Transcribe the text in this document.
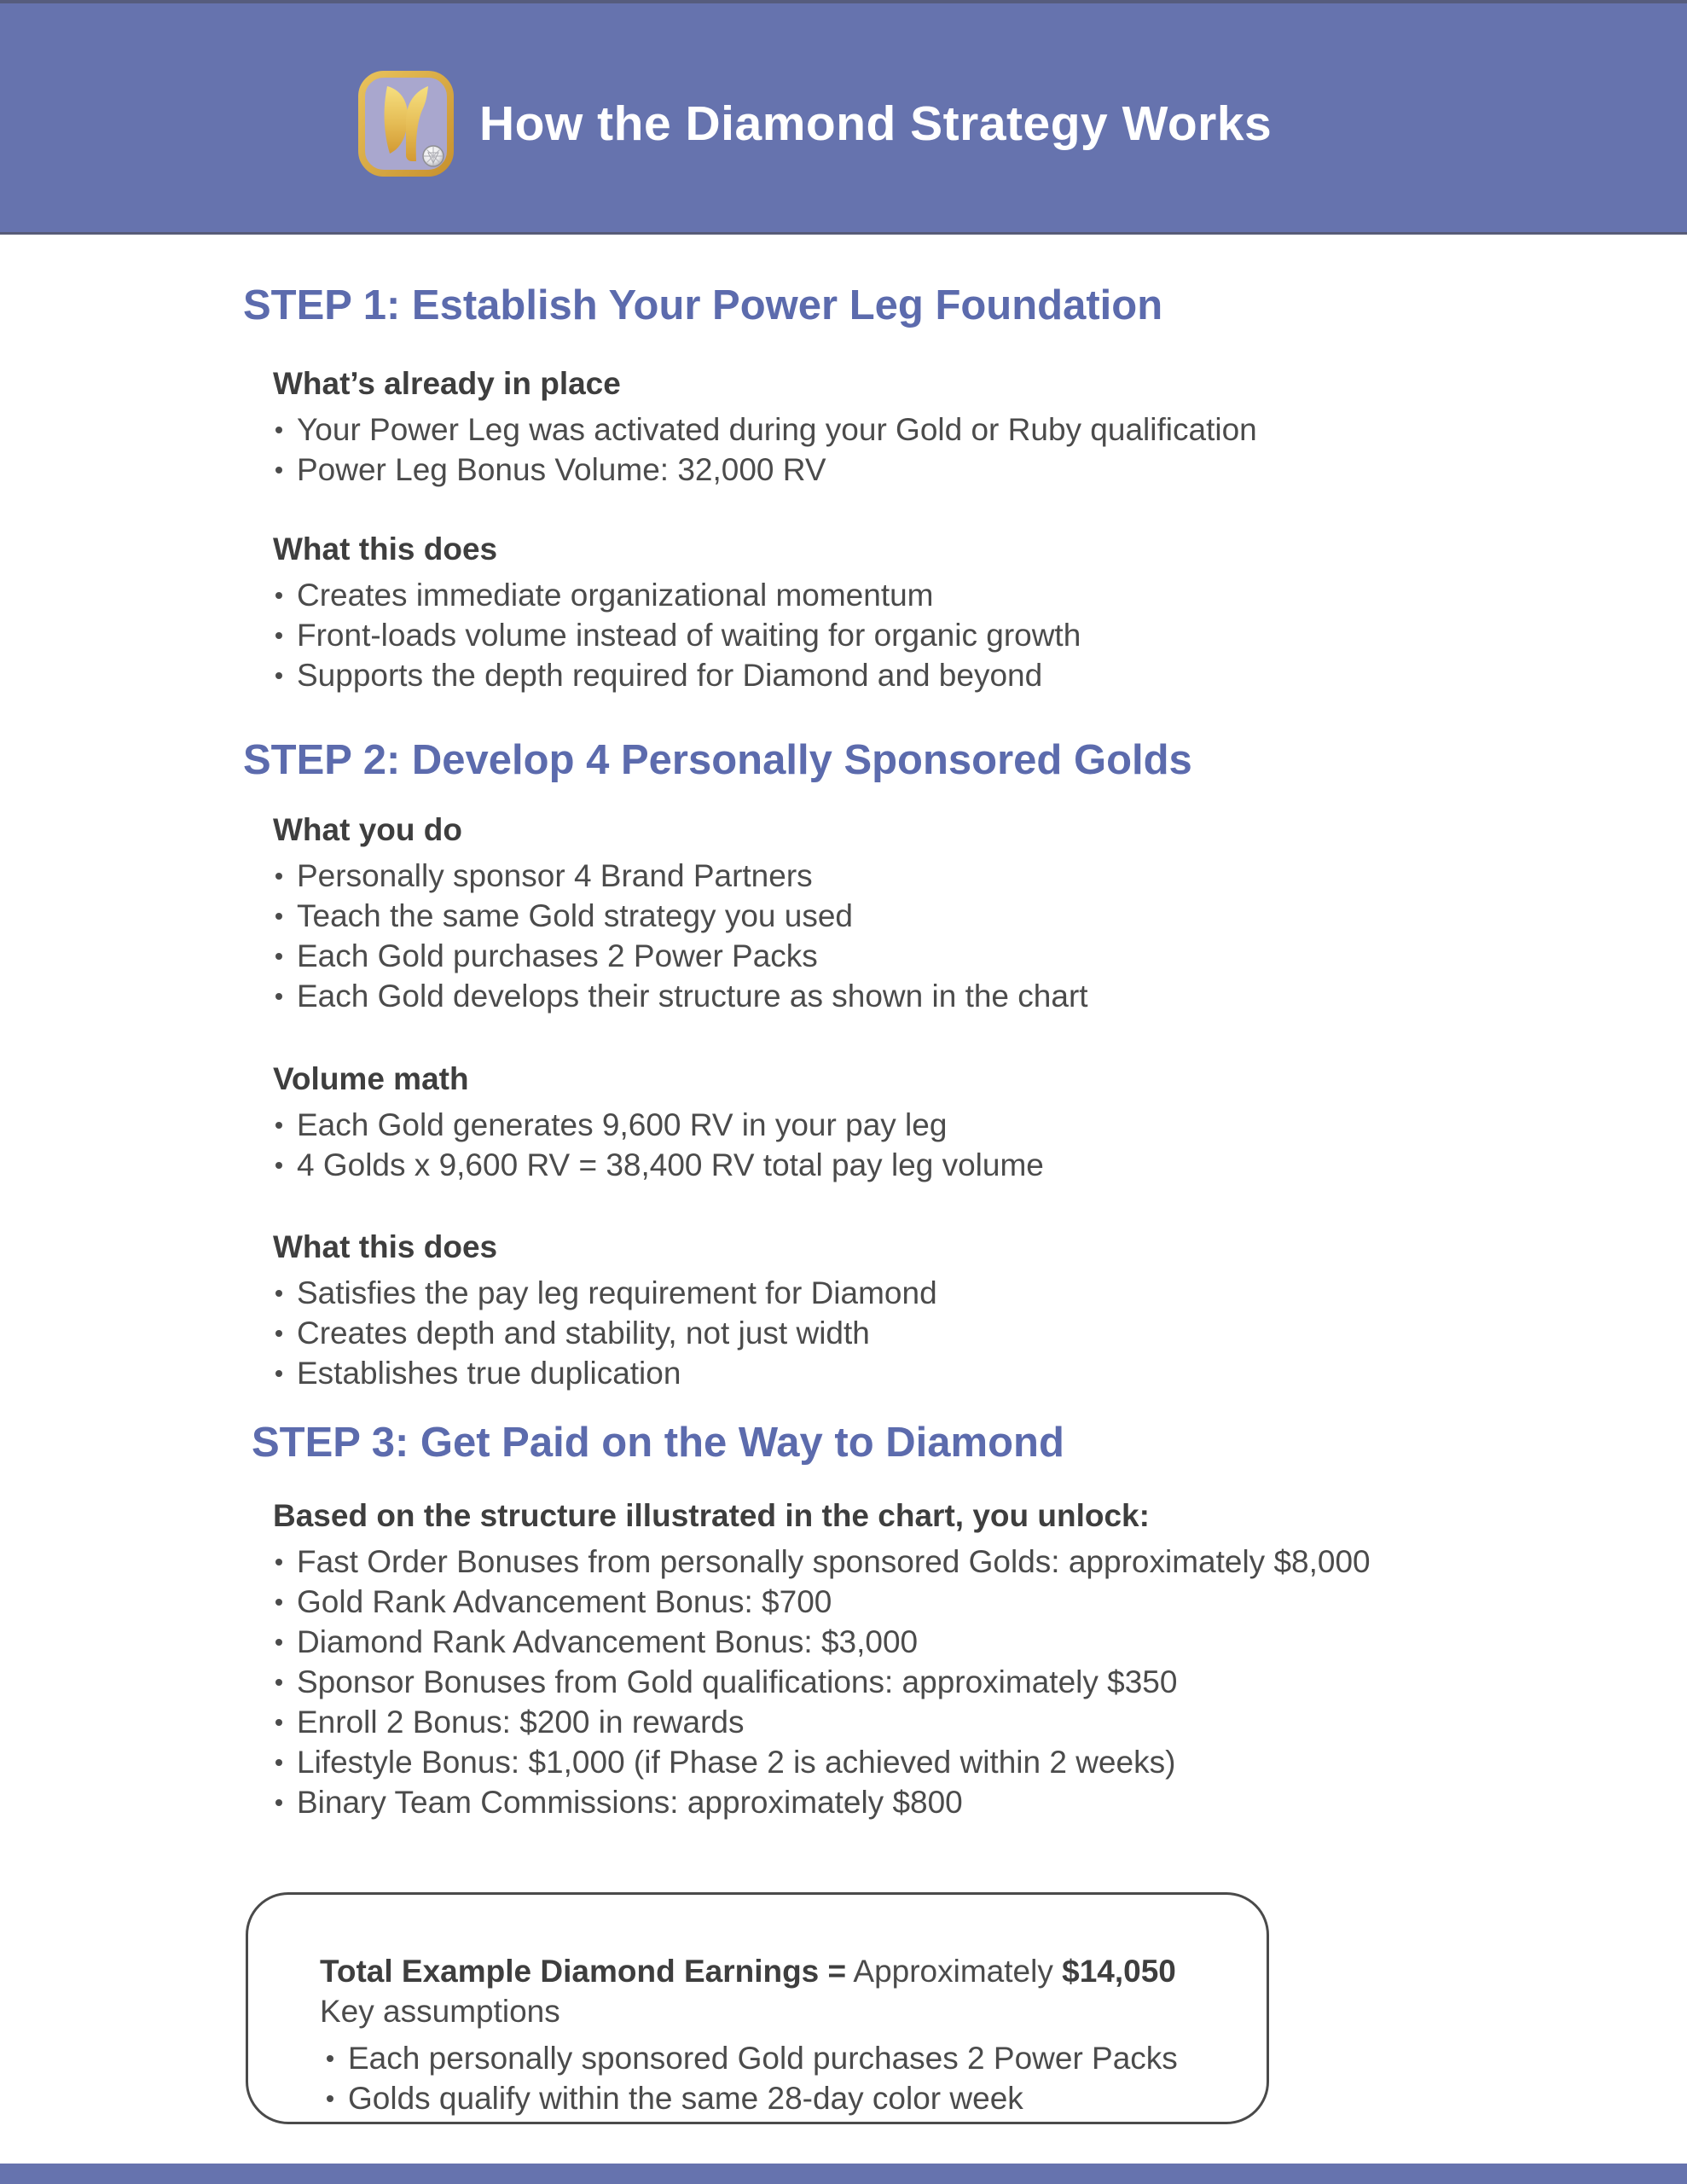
How the Diamond Strategy Works
STEP 1: Establish Your Power Leg Foundation
What’s already in place
Your Power Leg was activated during your Gold or Ruby qualification
Power Leg Bonus Volume: 32,000 RV
What this does
Creates immediate organizational momentum
Front-loads volume instead of waiting for organic growth
Supports the depth required for Diamond and beyond
STEP 2: Develop 4 Personally Sponsored Golds
What you do
Personally sponsor 4 Brand Partners
Teach the same Gold strategy you used
Each Gold purchases 2 Power Packs
Each Gold develops their structure as shown in the chart
Volume math
Each Gold generates 9,600 RV in your pay leg
4 Golds x 9,600 RV = 38,400 RV total pay leg volume
What this does
Satisfies the pay leg requirement for Diamond
Creates depth and stability, not just width
Establishes true duplication
STEP 3: Get Paid on the Way to Diamond
Based on the structure illustrated in the chart, you unlock:
Fast Order Bonuses from personally sponsored Golds: approximately $8,000
Gold Rank Advancement Bonus: $700
Diamond Rank Advancement Bonus: $3,000
Sponsor Bonuses from Gold qualifications: approximately $350
Enroll 2 Bonus: $200 in rewards
Lifestyle Bonus: $1,000 (if Phase 2 is achieved within 2 weeks)
Binary Team Commissions: approximately $800
Total Example Diamond Earnings = Approximately $14,050
Key assumptions
Each personally sponsored Gold purchases 2 Power Packs
Golds qualify within the same 28-day color week
